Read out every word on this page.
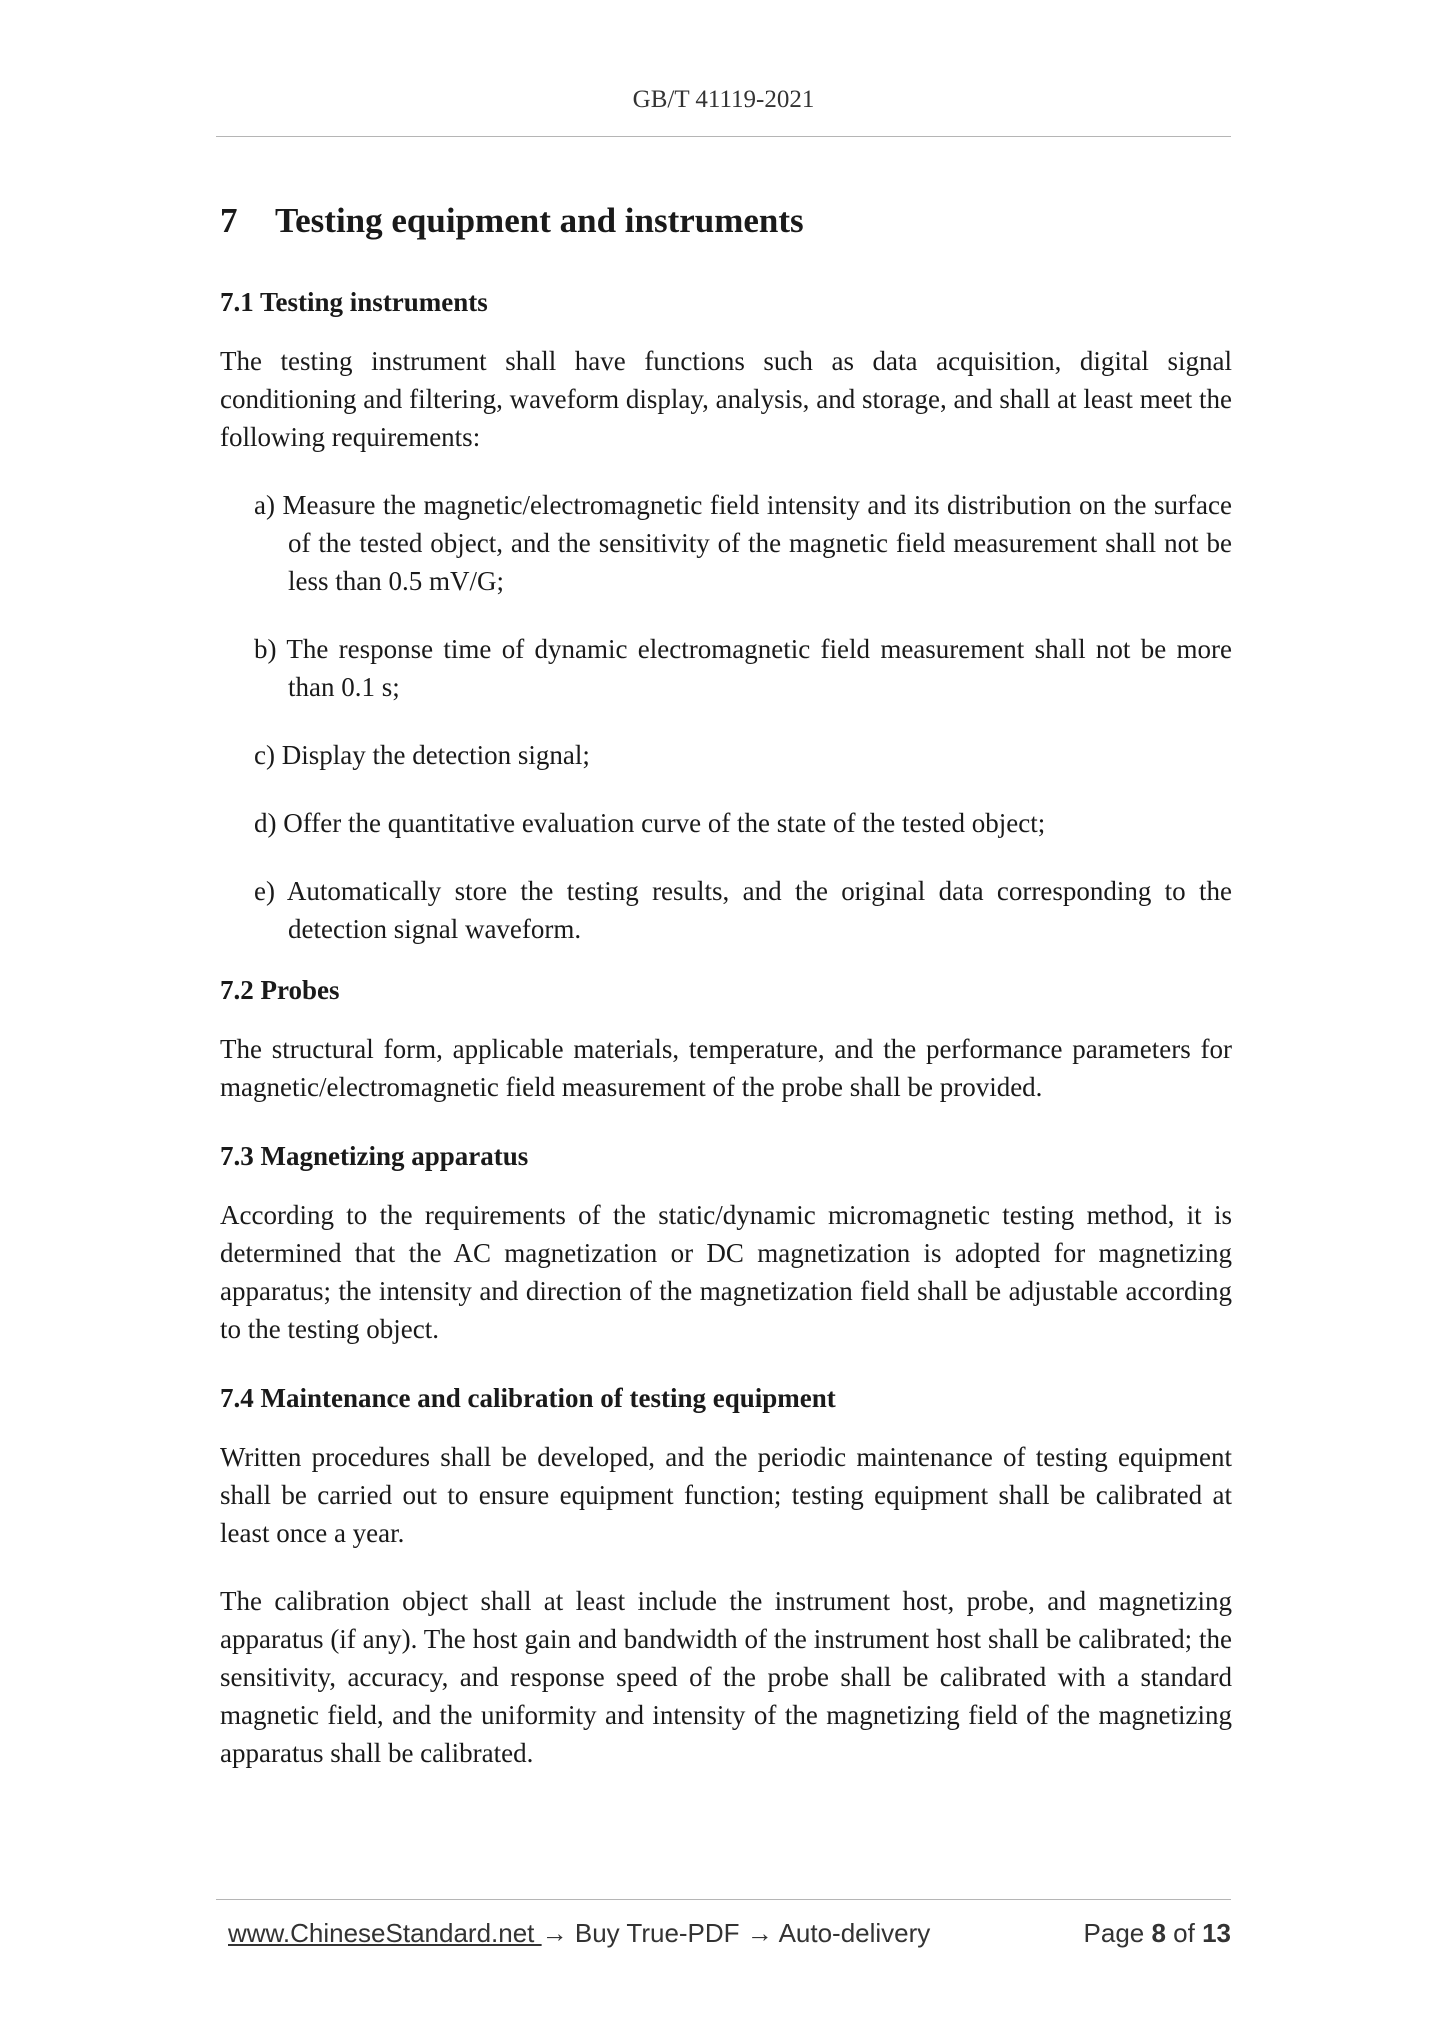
GB/T 41119-2021
7 Testing equipment and instruments
7.1 Testing instruments

The testing instrument shall have functions such as data acquisition, digital signal conditioning and filtering, waveform display, analysis, and storage, and shall at least meet the following requirements:

a) Measure the magnetic/electromagnetic field intensity and its distribution on the surface of the tested object, and the sensitivity of the magnetic field measurement shall not be less than 0.5 mV/G;
b) The response time of dynamic electromagnetic field measurement shall not be more than 0.1 s;
c) Display the detection signal;
d) Offer the quantitative evaluation curve of the state of the tested object;
e) Automatically store the testing results, and the original data corresponding to the detection signal waveform.
7.2 Probes

The structural form, applicable materials, temperature, and the performance parameters for magnetic/electromagnetic field measurement of the probe shall be provided.

7.3 Magnetizing apparatus

According to the requirements of the static/dynamic micromagnetic testing method, it is determined that the AC magnetization or DC magnetization is adopted for magnetizing apparatus; the intensity and direction of the magnetization field shall be adjustable according to the testing object.

7.4 Maintenance and calibration of testing equipment

Written procedures shall be developed, and the periodic maintenance of testing equipment shall be carried out to ensure equipment function; testing equipment shall be calibrated at least once a year.

The calibration object shall at least include the instrument host, probe, and magnetizing apparatus (if any). The host gain and bandwidth of the instrument host shall be calibrated; the sensitivity, accuracy, and response speed of the probe shall be calibrated with a standard magnetic field, and the uniformity and intensity of the magnetizing field of the magnetizing apparatus shall be calibrated.

www.ChineseStandard.net → Buy True-PDF → Auto-delivery	Page 8 of 13
